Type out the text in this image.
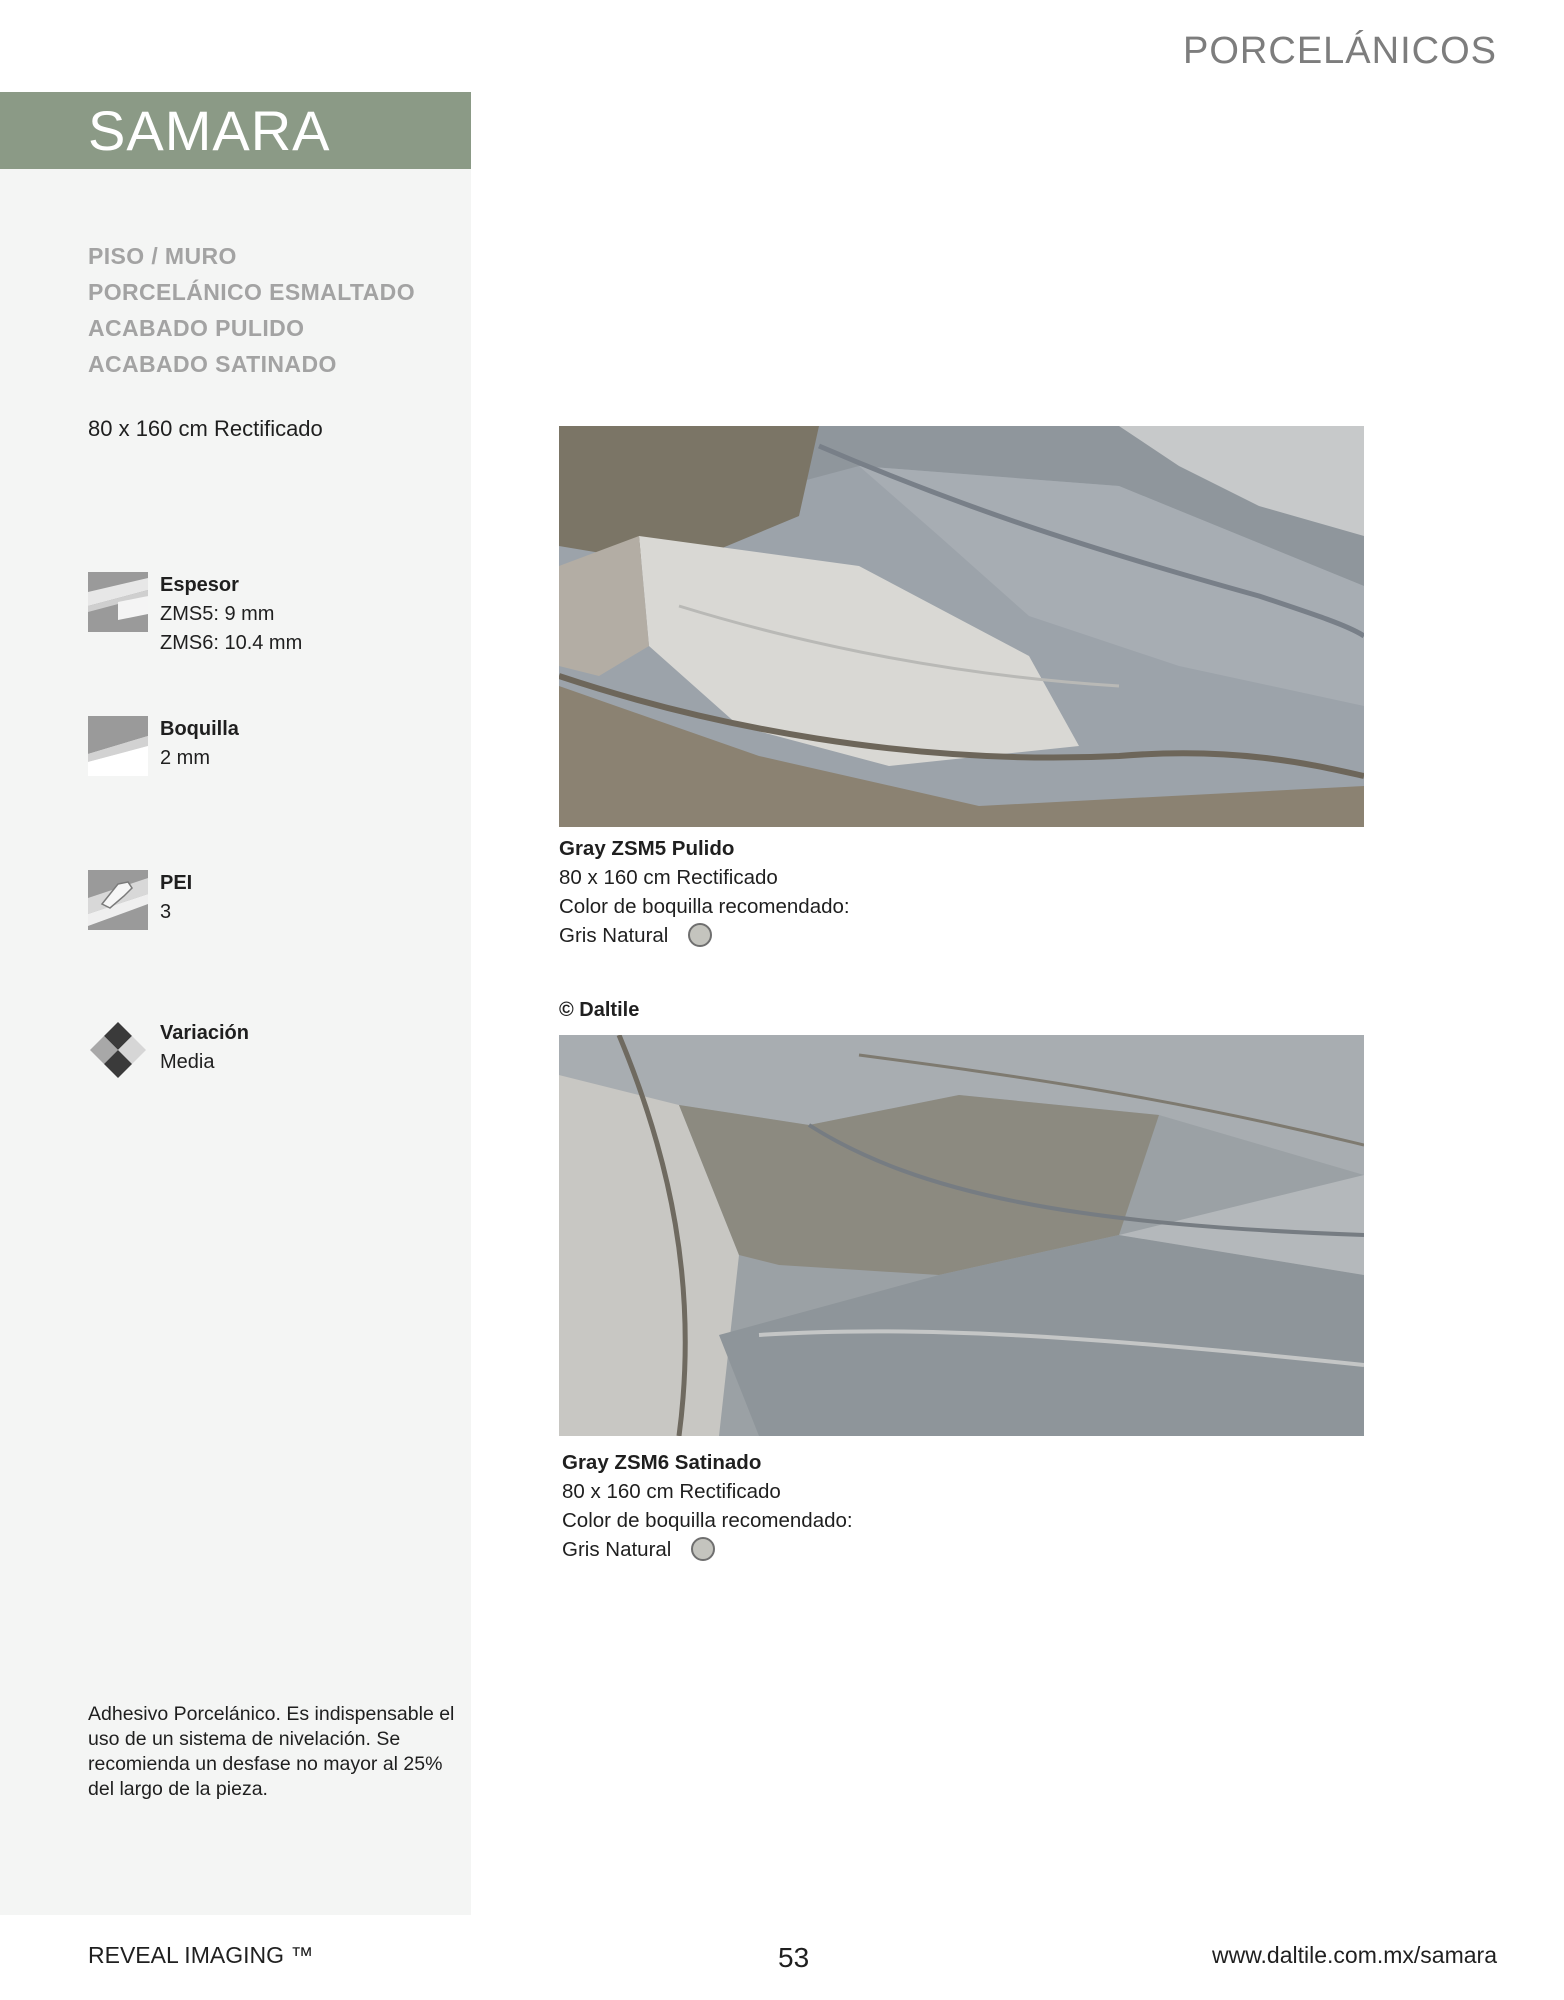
PORCELÁNICOS
SAMARA
PISO / MURO
PORCELÁNICO ESMALTADO
ACABADO PULIDO
ACABADO SATINADO
80 x 160 cm Rectificado
Espesor
ZMS5: 9 mm
ZMS6: 10.4 mm
Boquilla
2 mm
PEI
3
Variación
Media
Adhesivo Porcelánico. Es indispensable el uso de un sistema de nivelación. Se recomienda un desfase no mayor al 25% del largo de la pieza.
Gray ZSM5 Pulido
80 x 160 cm Rectificado
Color de boquilla recomendado:
Gris Natural
© Daltile
Gray ZSM6 Satinado
80 x 160 cm Rectificado
Color de boquilla recomendado:
Gris Natural
REVEAL IMAGING ™	53	www.daltile.com.mx/samara
